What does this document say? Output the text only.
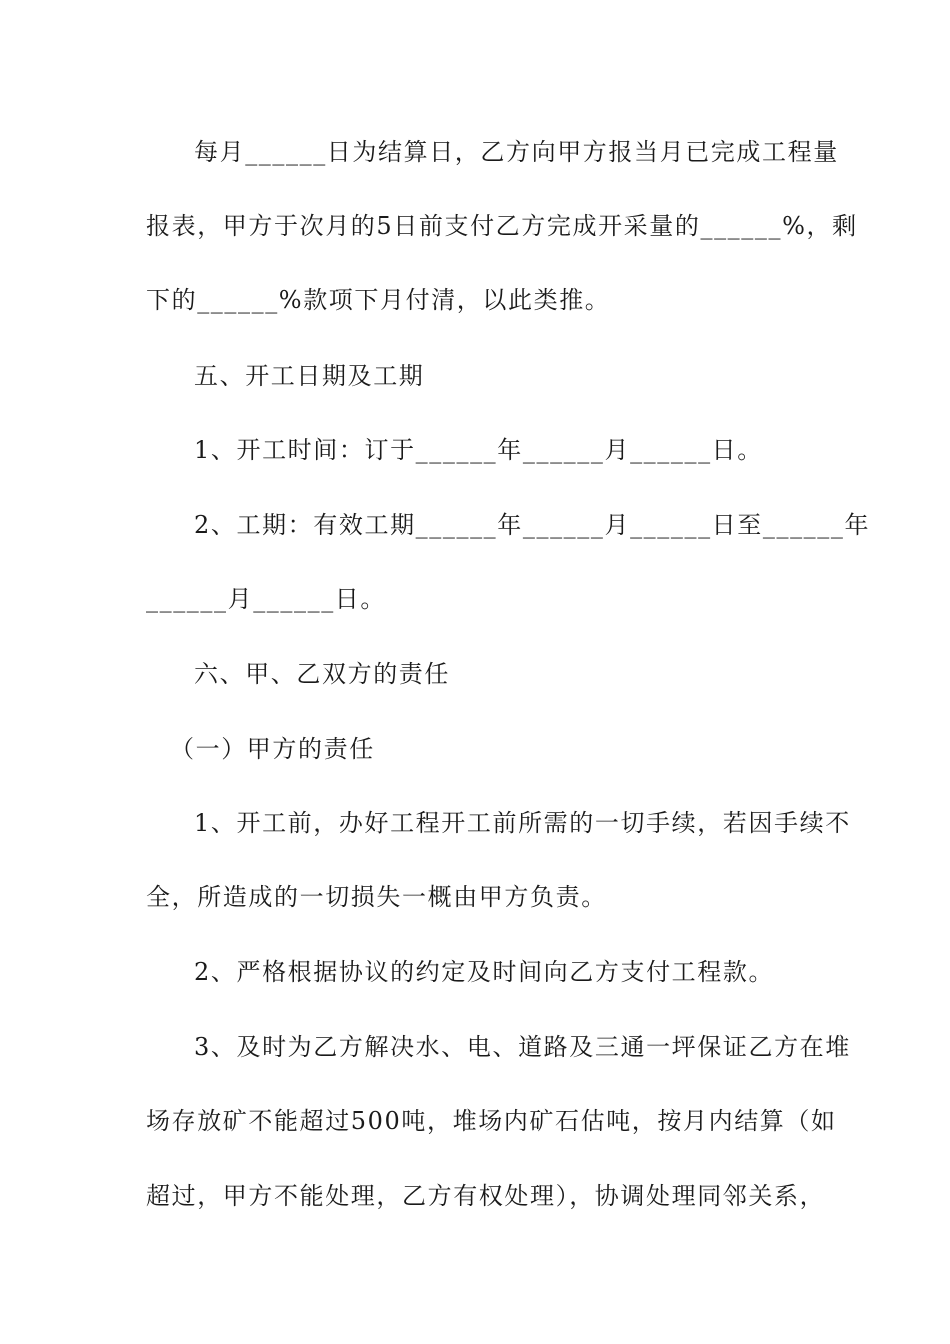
每月______日为结算日，乙方向甲方报当月已完成工程量
报表，甲方于次月的5日前支付乙方完成开采量的______%，剩
下的______%款项下月付清，以此类推。
五、开工日期及工期
1、开工时间：订于______年______月______日。
2、工期：有效工期______年______月______日至______年
______月______日。
六、甲、乙双方的责任
（一）甲方的责任
1、开工前，办好工程开工前所需的一切手续，若因手续不
全，所造成的一切损失一概由甲方负责。
2、严格根据协议的约定及时间向乙方支付工程款。
3、及时为乙方解决水、电、道路及三通一坪保证乙方在堆
场存放矿不能超过500吨，堆场内矿石估吨，按月内结算（如
超过，甲方不能处理，乙方有权处理），协调处理同邻关系，
